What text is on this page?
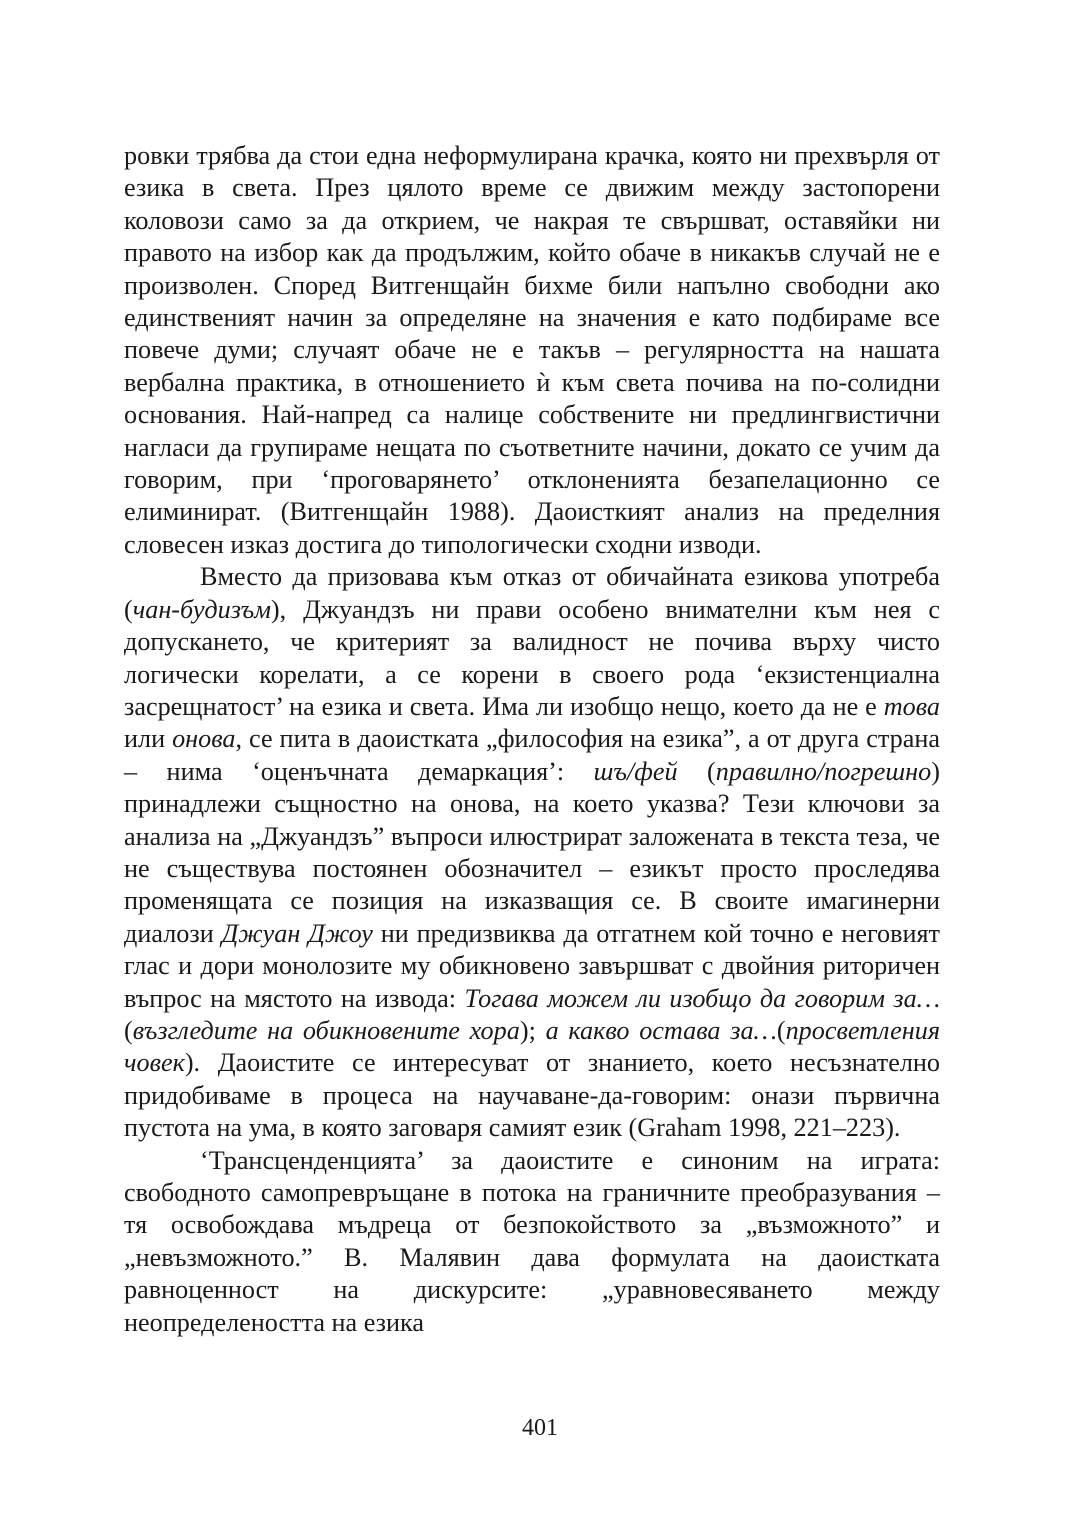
ровки трябва да стои една неформулирана крачка, която ни прехвърля от езика в света. През цялото време се движим между застопорени коловози само за да открием, че накрая те свършват, оставяйки ни правото на избор как да продължим, който обаче в никакъв случай не е произволен. Според Витгенщайн бихме били напълно свободни ако единственият начин за определяне на значения е като подбираме все повече думи; случаят обаче не е такъв – регулярността на нашата вербална практика, в отношението ѝ към света почива на по-солидни основания. Най-напред са налице собствените ни предлингвистични нагласи да групираме нещата по съответните начини, докато се учим да говорим, при ‘проговарянето’ отклоненията безапелационно се елиминират. (Витгенщайн 1988). Даоисткият анализ на пределния словесен изказ достига до типологически сходни изводи.

Вместо да призовава към отказ от обичайната езикова употреба (чан-будизъм), Джуандзъ ни прави особено внимателни към нея с допускането, че критерият за валидност не почива върху чисто логически корелати, а се корени в своего рода ‘екзистенциална засрещнатост’ на езика и света. Има ли изобщо нещо, което да не е това или онова, се пита в даоистката „философия на езика”, а от друга страна – нима ‘оценъчната демаркация’: шъ/фей (правилно/погрешно) принадлежи същностно на онова, на което указва? Тези ключови за анализа на „Джуандзъ” въпроси илюстрират заложената в текста теза, че не съществува постоянен обозначител – езикът просто проследява променящата се позиция на изказващия се. В своите имагинерни диалози Джуан Джоу ни предизвиква да отгатнем кой точно е неговият глас и дори монолозите му обикновено завършват с двойния риторичен въпрос на мястото на извода: Тогава можем ли изобщо да говорим за…(възгледите на обикновените хора); а какво остава за…(просветления човек). Даоистите се интересуват от знанието, което несъзнателно придобиваме в процеса на научаване-да-говорим: онази първична пустота на ума, в която заговаря самият език (Graham 1998, 221–223).

‘Трансценденцията’ за даоистите е синоним на играта: свободното самопревръщане в потока на граничните преобразувания – тя освобождава мъдреца от безпокойството за „възможното” и „невъзможното.” В. Малявин дава формулата на даоистката равноценност на дискурсите: „уравновесяването между неопределеността на езика

401
